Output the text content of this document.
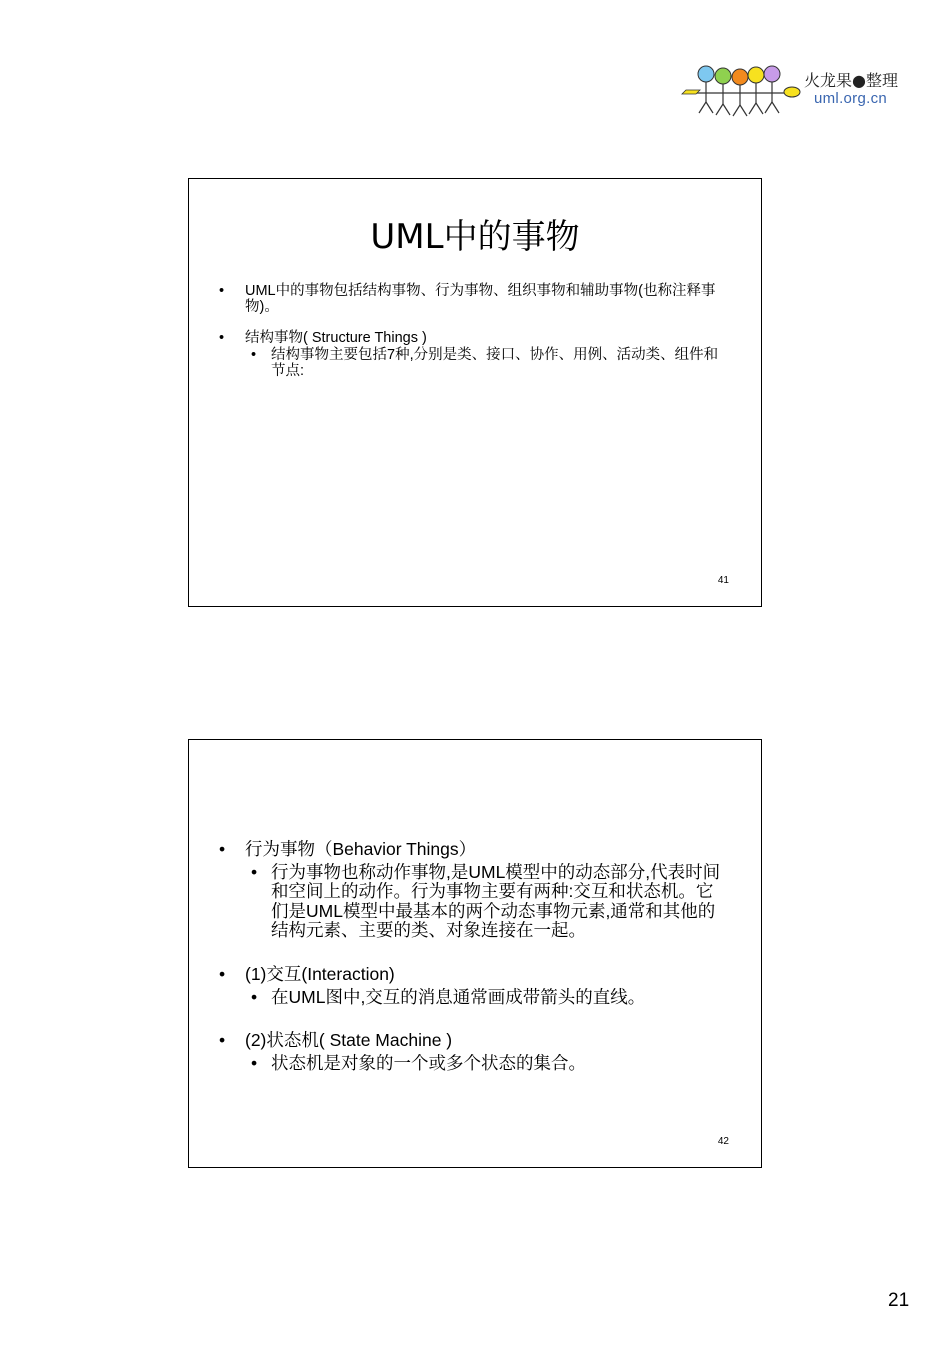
火龙果●整理
uml.org.cn
UML中的事物
• UML中的事物包括结构事物、行为事物、组织事物和辅助事物(也称注释事物)。
• 结构事物( Structure Things )
• 结构事物主要包括7种,分别是类、接口、协作、用例、活动类、组件和节点:
41
• 行为事物（Behavior Things）
• 行为事物也称动作事物,是UML模型中的动态部分,代表时间和空间上的动作。行为事物主要有两种:交互和状态机。它们是UML模型中最基本的两个动态事物元素,通常和其他的结构元素、主要的类、对象连接在一起。
• (1)交互(Interaction)
• 在UML图中,交互的消息通常画成带箭头的直线。
• (2)状态机( State Machine )
• 状态机是对象的一个或多个状态的集合。
42
21
